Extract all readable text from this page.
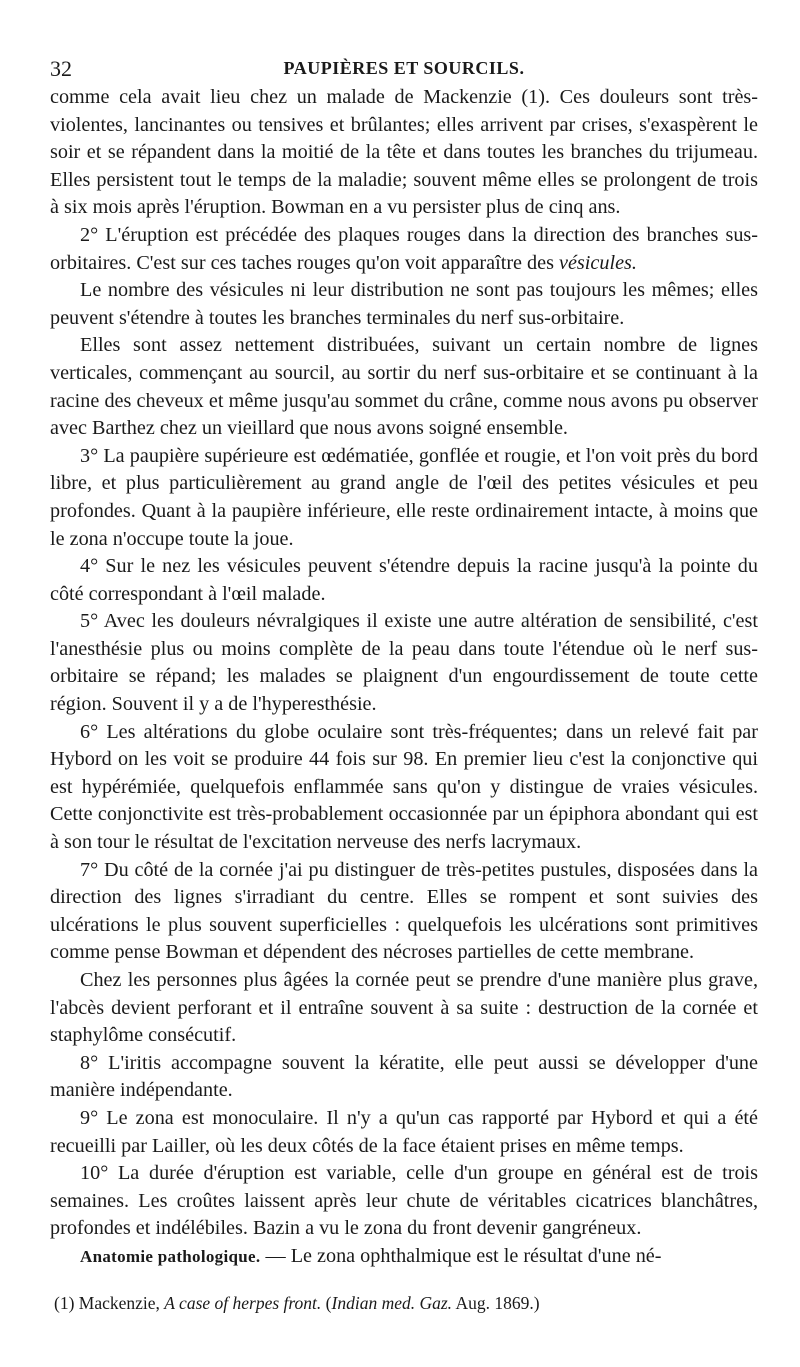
32	PAUPIÈRES ET SOURCILS.

comme cela avait lieu chez un malade de Mackenzie (1). Ces douleurs sont très-violentes, lancinantes ou tensives et brûlantes; elles arrivent par crises, s'exaspèrent le soir et se répandent dans la moitié de la tête et dans toutes les branches du trijumeau. Elles persistent tout le temps de la maladie; souvent même elles se prolongent de trois à six mois après l'éruption. Bowman en a vu persister plus de cinq ans.

2° L'éruption est précédée des plaques rouges dans la direction des branches sus-orbitaires. C'est sur ces taches rouges qu'on voit apparaître des vésicules.

Le nombre des vésicules ni leur distribution ne sont pas toujours les mêmes; elles peuvent s'étendre à toutes les branches terminales du nerf sus-orbitaire.

Elles sont assez nettement distribuées, suivant un certain nombre de lignes verticales, commençant au sourcil, au sortir du nerf sus-orbitaire et se continuant à la racine des cheveux et même jusqu'au sommet du crâne, comme nous avons pu observer avec Barthez chez un vieillard que nous avons soigné ensemble.

3° La paupière supérieure est œdématiée, gonflée et rougie, et l'on voit près du bord libre, et plus particulièrement au grand angle de l'œil des petites vésicules et peu profondes. Quant à la paupière inférieure, elle reste ordinairement intacte, à moins que le zona n'occupe toute la joue.

4° Sur le nez les vésicules peuvent s'étendre depuis la racine jusqu'à la pointe du côté correspondant à l'œil malade.

5° Avec les douleurs névralgiques il existe une autre altération de sensibilité, c'est l'anesthésie plus ou moins complète de la peau dans toute l'étendue où le nerf sus-orbitaire se répand; les malades se plaignent d'un engourdissement de toute cette région. Souvent il y a de l'hyperesthésie.

6° Les altérations du globe oculaire sont très-fréquentes; dans un relevé fait par Hybord on les voit se produire 44 fois sur 98. En premier lieu c'est la conjonctive qui est hypérémiée, quelquefois enflammée sans qu'on y distingue de vraies vésicules. Cette conjonctivite est très-probablement occasionnée par un épiphora abondant qui est à son tour le résultat de l'excitation nerveuse des nerfs lacrymaux.

7° Du côté de la cornée j'ai pu distinguer de très-petites pustules, disposées dans la direction des lignes s'irradiant du centre. Elles se rompent et sont suivies des ulcérations le plus souvent superficielles : quelquefois les ulcérations sont primitives comme pense Bowman et dépendent des nécroses partielles de cette membrane.

Chez les personnes plus âgées la cornée peut se prendre d'une manière plus grave, l'abcès devient perforant et il entraîne souvent à sa suite : destruction de la cornée et staphylôme consécutif.

8° L'iritis accompagne souvent la kératite, elle peut aussi se développer d'une manière indépendante.

9° Le zona est monoculaire. Il n'y a qu'un cas rapporté par Hybord et qui a été recueilli par Lailler, où les deux côtés de la face étaient prises en même temps.

10° La durée d'éruption est variable, celle d'un groupe en général est de trois semaines. Les croûtes laissent après leur chute de véritables cicatrices blanchâtres, profondes et indélébiles. Bazin a vu le zona du front devenir gangréneux.

Anatomie pathologique. — Le zona ophthalmique est le résultat d'une né-

(1) Mackenzie, A case of herpes front. (Indian med. Gaz. Aug. 1869.)
